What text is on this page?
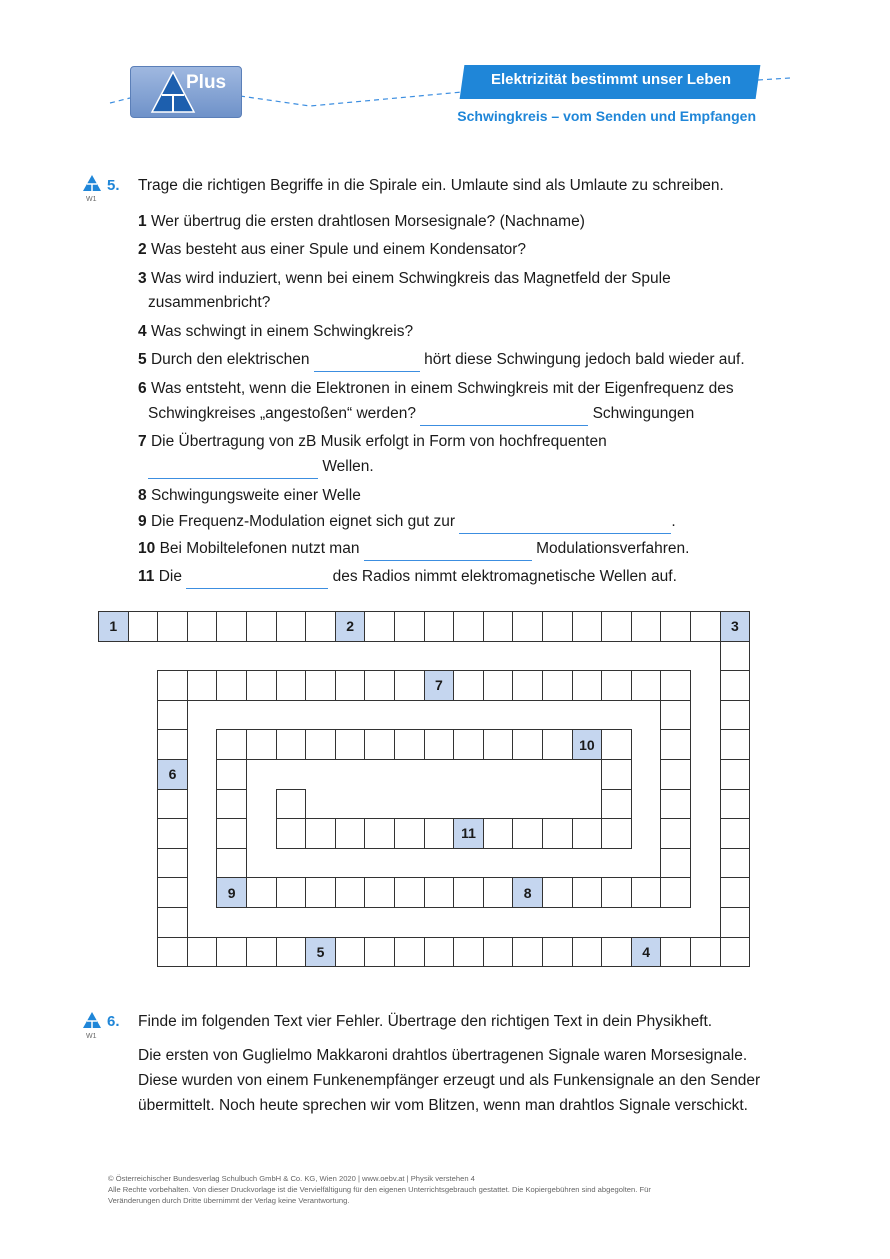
Plus	Elektrizität bestimmt unser Leben
Schwingkreis – vom Senden und Empfangen
W1
5. Trage die richtigen Begriffe in die Spirale ein. Umlaute sind als Umlaute zu schreiben.
1 Wer übertrug die ersten drahtlosen Morsesignale? (Nachname)
2 Was besteht aus einer Spule und einem Kondensator?
3 Was wird induziert, wenn bei einem Schwingkreis das Magnetfeld der Spule
zusammenbricht?
4 Was schwingt in einem Schwingkreis?
5 Durch den elektrischen	hört diese Schwingung jedoch bald wieder auf.
6 Was entsteht, wenn die Elektronen in einem Schwingkreis mit der Eigenfrequenz des
Schwingkreises „angestoßen“ werden?	Schwingungen
7 Die Übertragung von zB Musik erfolgt in Form von hochfrequenten
Wellen.
8 Schwingungsweite einer Welle
9 Die Frequenz-Modulation eignet sich gut zur	.
10 Bei Mobiltelefonen nutzt man	Modulationsverfahren.
11 Die	des Radios nimmt elektromagnetische Wellen auf.
1	2	3
5	4
6
7
9	8
10
11
W1
6. Finde im folgenden Text vier Fehler. Übertrage den richtigen Text in dein Physikheft.
Die ersten von Guglielmo Makkaroni drahtlos übertragenen Signale waren Morsesignale.
Diese wurden von einem Funkenempfänger erzeugt und als Funkensignale an den Sender
übermittelt. Noch heute sprechen wir vom Blitzen, wenn man drahtlos Signale verschickt.
© Österreichischer Bundesverlag Schulbuch GmbH & Co. KG, Wien 2020 | www.oebv.at | Physik verstehen 4
Alle Rechte vorbehalten. Von dieser Druckvorlage ist die Vervielfältigung für den eigenen Unterrichtsgebrauch gestattet. Die Kopiergebühren sind abgegolten. Für
Veränderungen durch Dritte übernimmt der Verlag keine Verantwortung.
